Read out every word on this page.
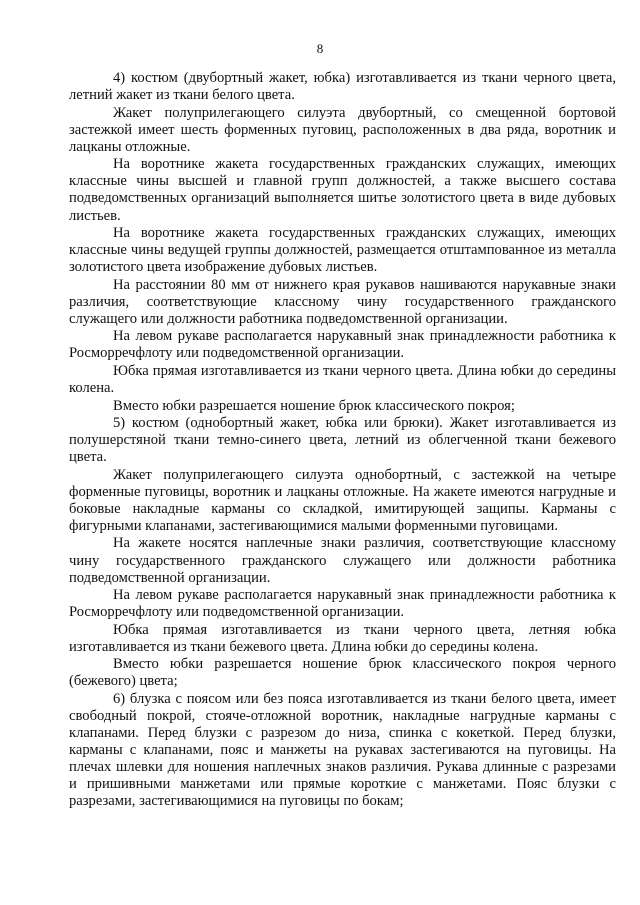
8

4) костюм (двубортный жакет, юбка) изготавливается из ткани черного цвета, летний жакет из ткани белого цвета.

Жакет полуприлегающего силуэта двубортный, со смещенной бортовой застежкой имеет шесть форменных пуговиц, расположенных в два ряда, воротник и лацканы отложные.

На воротнике жакета государственных гражданских служащих, имеющих классные чины высшей и главной групп должностей, а также высшего состава подведомственных организаций выполняется шитье золотистого цвета в виде дубовых листьев.

На воротнике жакета государственных гражданских служащих, имеющих классные чины ведущей группы должностей, размещается отштампованное из металла золотистого цвета изображение дубовых листьев.

На расстоянии 80 мм от нижнего края рукавов нашиваются нарукавные знаки различия, соответствующие классному чину государственного гражданского служащего или должности работника подведомственной организации.

На левом рукаве располагается нарукавный знак принадлежности работника к Росморречфлоту или подведомственной организации.

Юбка прямая изготавливается из ткани черного цвета. Длина юбки до середины колена.

Вместо юбки разрешается ношение брюк классического покроя;

5) костюм (однобортный жакет, юбка или брюки). Жакет изготавливается из полушерстяной ткани темно-синего цвета, летний из облегченной ткани бежевого цвета.

Жакет полуприлегающего силуэта однобортный, с застежкой на четыре форменные пуговицы, воротник и лацканы отложные. На жакете имеются нагрудные и боковые накладные карманы со складкой, имитирующей защипы. Карманы с фигурными клапанами, застегивающимися малыми форменными пуговицами.

На жакете носятся наплечные знаки различия, соответствующие классному чину государственного гражданского служащего или должности работника подведомственной организации.

На левом рукаве располагается нарукавный знак принадлежности работника к Росморречфлоту или подведомственной организации.

Юбка прямая изготавливается из ткани черного цвета, летняя юбка изготавливается из ткани бежевого цвета. Длина юбки до середины колена.

Вместо юбки разрешается ношение брюк классического покроя черного (бежевого) цвета;

6) блузка с поясом или без пояса изготавливается из ткани белого цвета, имеет свободный покрой, стояче-отложной воротник, накладные нагрудные карманы с клапанами. Перед блузки с разрезом до низа, спинка с кокеткой. Перед блузки, карманы с клапанами, пояс и манжеты на рукавах застегиваются на пуговицы. На плечах шлевки для ношения наплечных знаков различия. Рукава длинные с разрезами и пришивными манжетами или прямые короткие с манжетами. Пояс блузки с разрезами, застегивающимися на пуговицы по бокам;
